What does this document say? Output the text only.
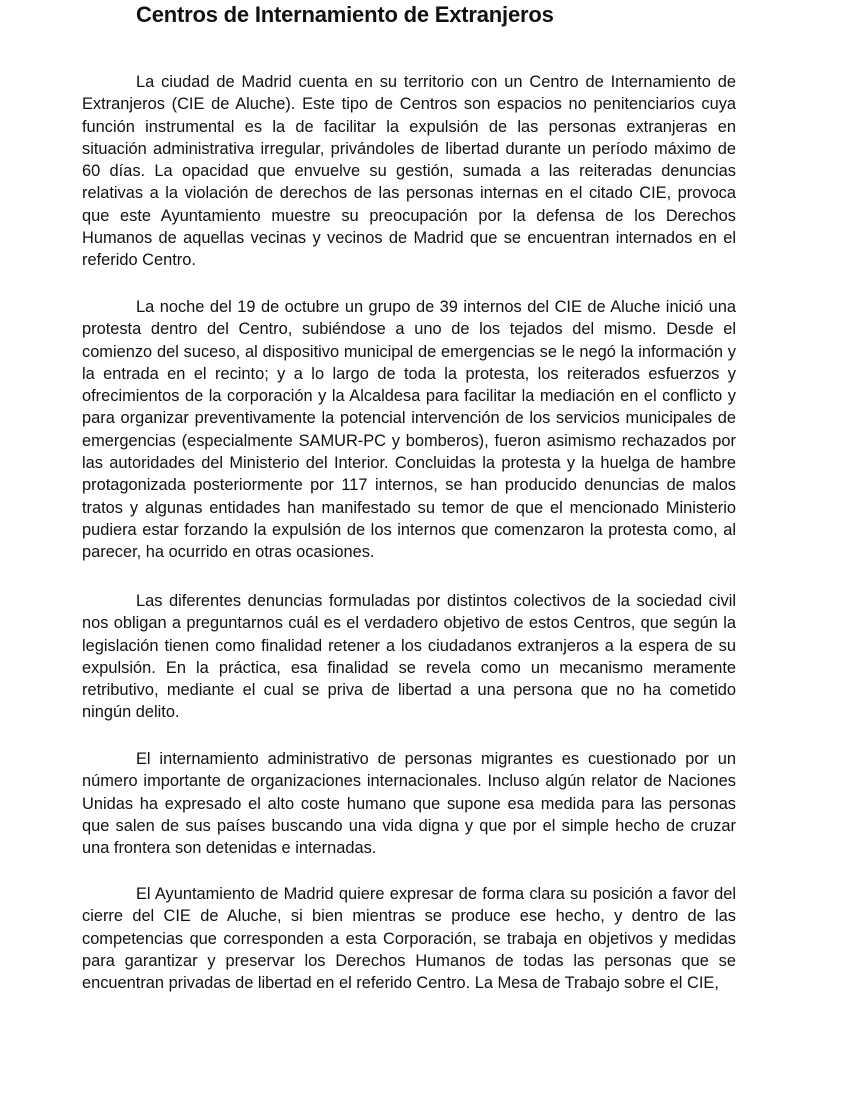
Centros de Internamiento de Extranjeros

La ciudad de Madrid cuenta en su territorio con un Centro de Internamiento de Extranjeros (CIE de Aluche). Este tipo de Centros son espacios no penitenciarios cuya función instrumental es la de facilitar la expulsión de las personas extranjeras en situación administrativa irregular, privándoles de libertad durante un período máximo de 60 días. La opacidad que envuelve su gestión, sumada a las reiteradas denuncias relativas a la violación de derechos de las personas internas en el citado CIE, provoca que este Ayuntamiento muestre su preocupación por la defensa de los Derechos Humanos de aquellas vecinas y vecinos de Madrid que se encuentran internados en el referido Centro.

La noche del 19 de octubre un grupo de 39 internos del CIE de Aluche inició una protesta dentro del Centro, subiéndose a uno de los tejados del mismo. Desde el comienzo del suceso, al dispositivo municipal de emergencias se le negó la información y la entrada en el recinto; y a lo largo de toda la protesta, los reiterados esfuerzos y ofrecimientos de la corporación y la Alcaldesa para facilitar la mediación en el conflicto y para organizar preventivamente la potencial intervención de los servicios municipales de emergencias (especialmente SAMUR-PC y bomberos), fueron asimismo rechazados por las autoridades del Ministerio del Interior. Concluidas la protesta y la huelga de hambre protagonizada posteriormente por 117 internos, se han producido denuncias de malos tratos y algunas entidades han manifestado su temor de que el mencionado Ministerio pudiera estar forzando la expulsión de los internos que comenzaron la protesta como, al parecer, ha ocurrido en otras ocasiones.

Las diferentes denuncias formuladas por distintos colectivos de la sociedad civil nos obligan a preguntarnos cuál es el verdadero objetivo de estos Centros, que según la legislación tienen como finalidad retener a los ciudadanos extranjeros a la espera de su expulsión. En la práctica, esa finalidad se revela como un mecanismo meramente retributivo, mediante el cual se priva de libertad a una persona que no ha cometido ningún delito.

El internamiento administrativo de personas migrantes es cuestionado por un número importante de organizaciones internacionales. Incluso algún relator de Naciones Unidas ha expresado el alto coste humano que supone esa medida para las personas que salen de sus países buscando una vida digna y que por el simple hecho de cruzar una frontera son detenidas e internadas.

El Ayuntamiento de Madrid quiere expresar de forma clara su posición a favor del cierre del CIE de Aluche, si bien mientras se produce ese hecho, y dentro de las competencias que corresponden a esta Corporación, se trabaja en objetivos y medidas para garantizar y preservar los Derechos Humanos de todas las personas que se encuentran privadas de libertad en el referido Centro. La Mesa de Trabajo sobre el CIE,
